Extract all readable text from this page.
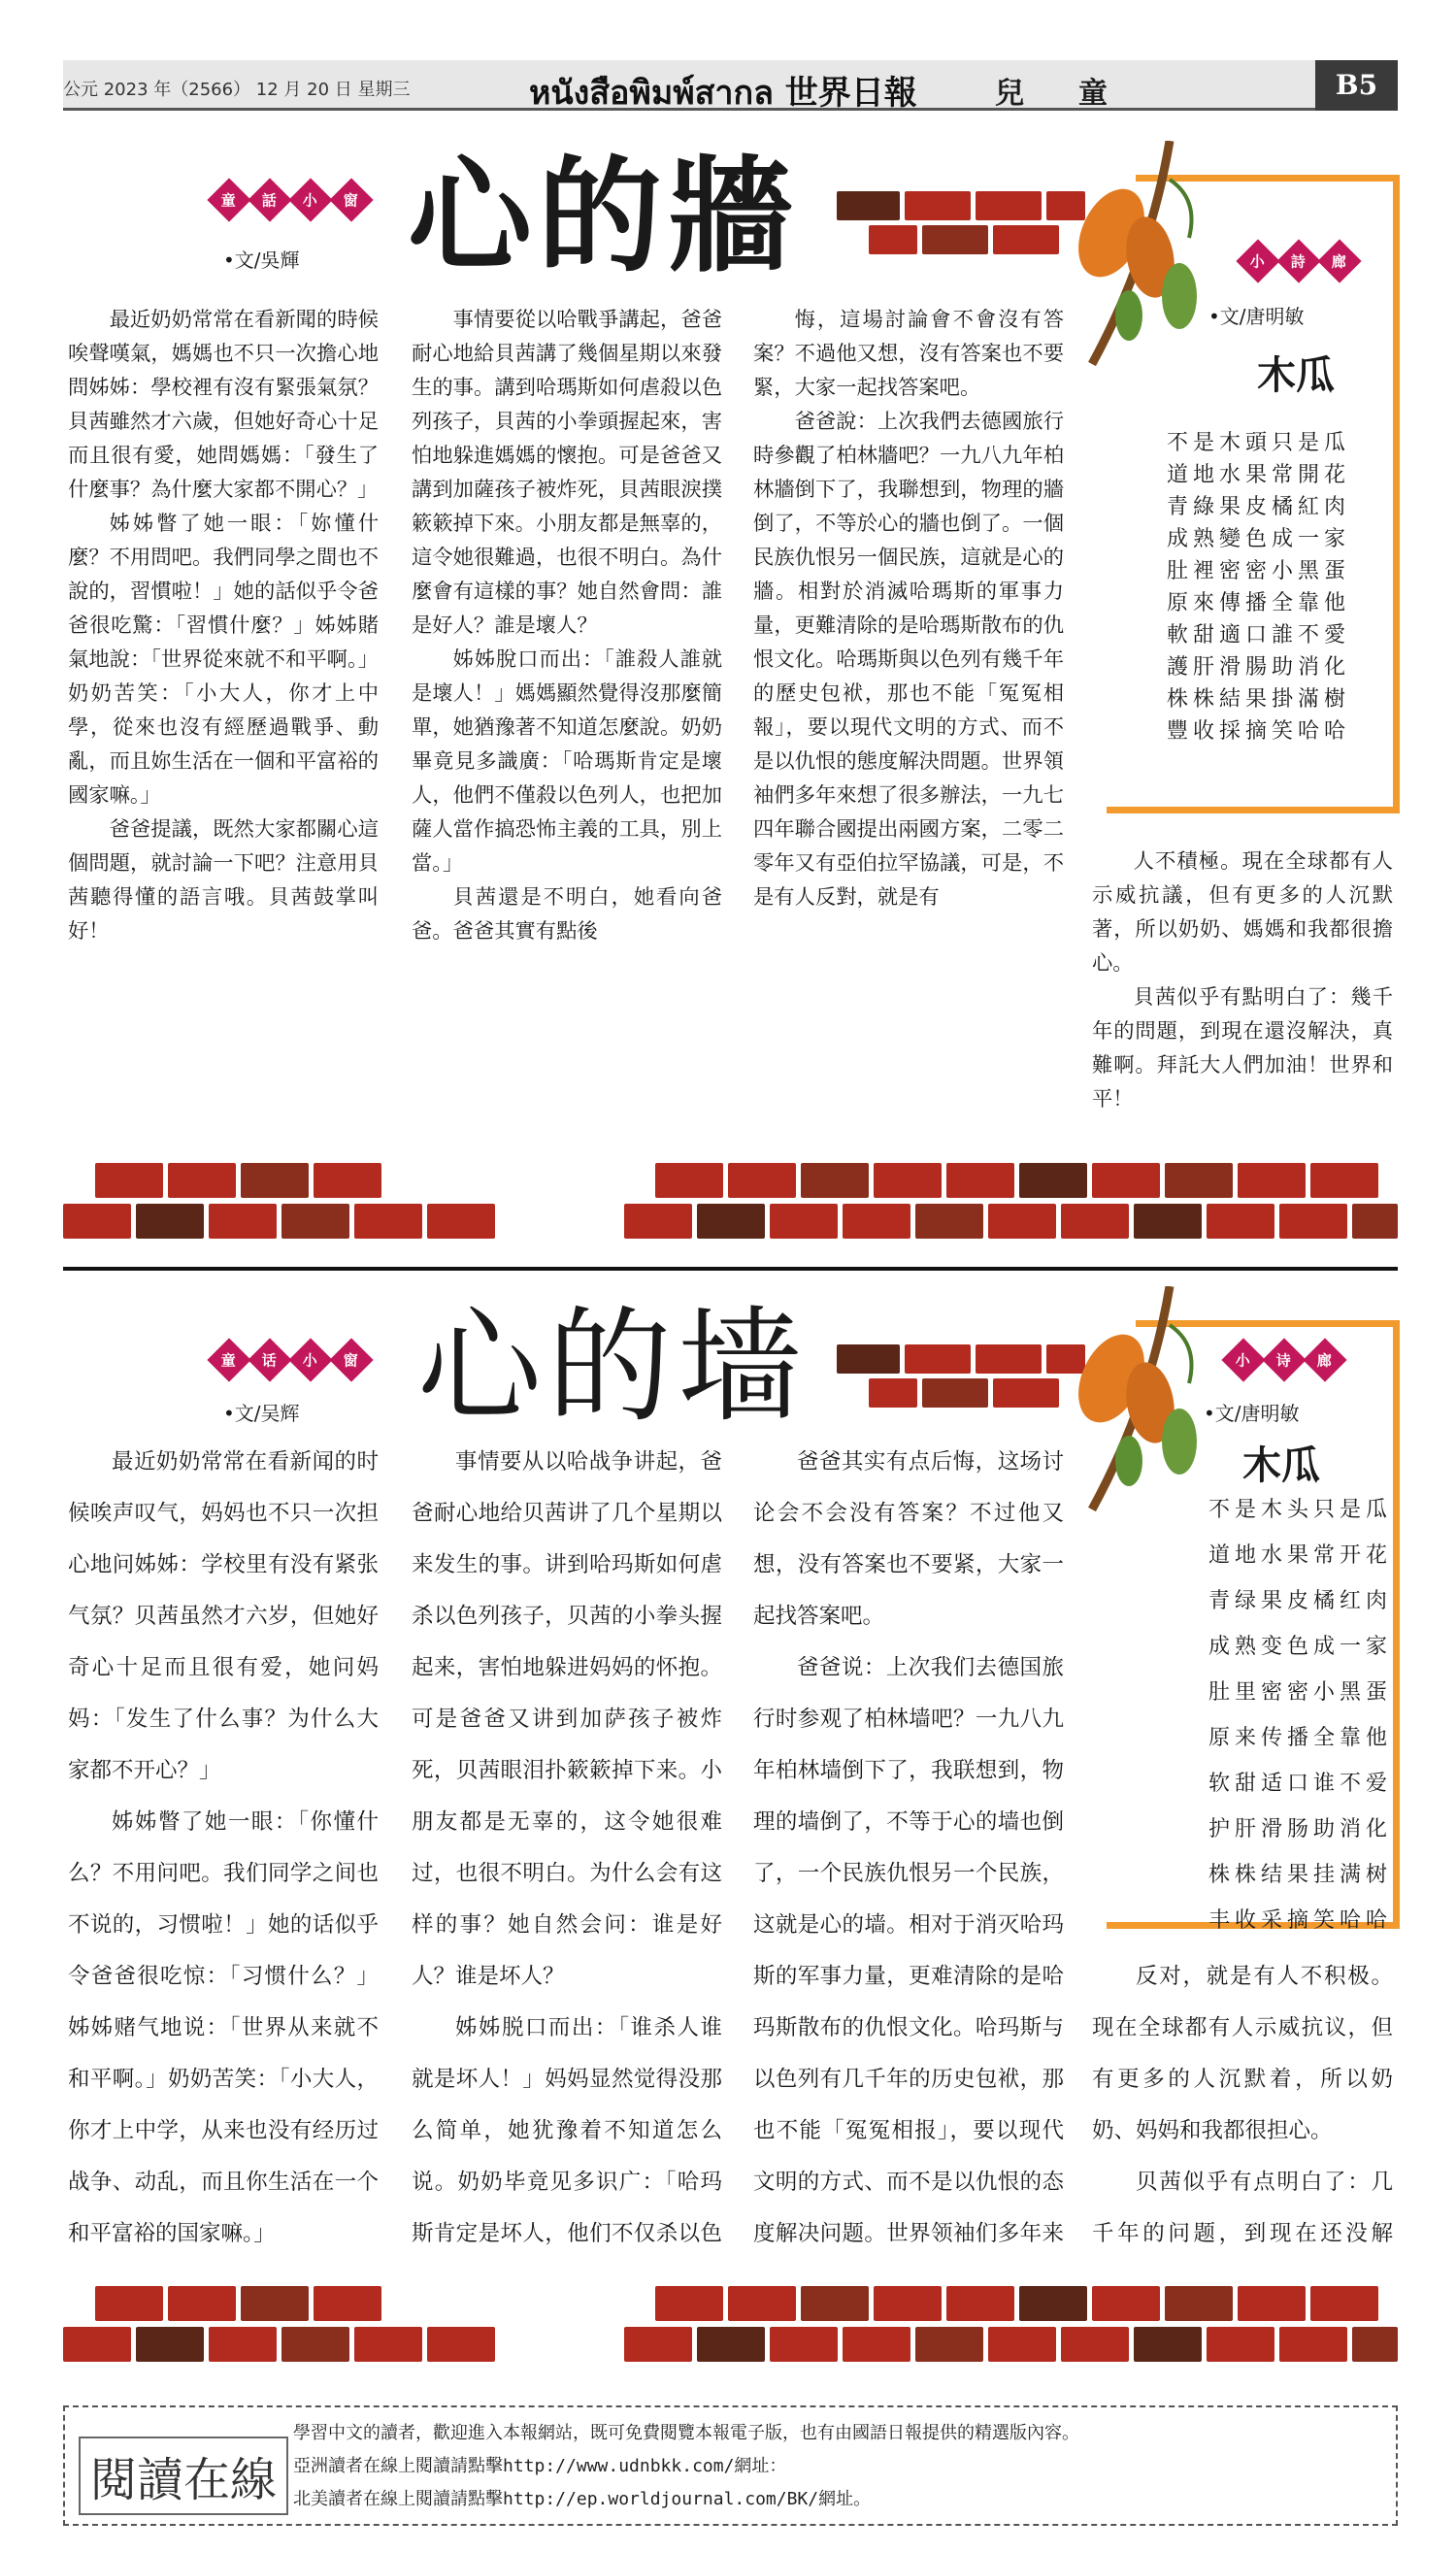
公元 2023 年（2566） 12 月 20 日 星期三	หนังสือพิมพ์สากล 世界日報	兒童	B5
童 話 小 窗
•文/吳輝 心的牆

最近奶奶常常在看新聞的時候唉聲嘆氣，媽媽也不只一次擔心地問姊姊：學校裡有沒有緊張氣氛？貝茜雖然才六歲，但她好奇心十足而且很有愛，她問媽媽：「發生了什麼事？為什麼大家都不開心？」

姊姊瞥了她一眼：「妳懂什麼？不用問吧。我們同學之間也不說的，習慣啦！」她的話似乎令爸爸很吃驚：「習慣什麼？」姊姊賭氣地說：「世界從來就不和平啊。」奶奶苦笑：「小大人，你才上中學，從來也沒有經歷過戰爭、動亂，而且妳生活在一個和平富裕的國家嘛。」

爸爸提議，既然大家都關心這個問題，就討論一下吧？注意用貝茜聽得懂的語言哦。貝茜鼓掌叫好！

事情要從以哈戰爭講起，爸爸耐心地給貝茜講了幾個星期以來發生的事。講到哈瑪斯如何虐殺以色列孩子，貝茜的小拳頭握起來，害怕地躲進媽媽的懷抱。可是爸爸又講到加薩孩子被炸死，貝茜眼淚撲簌簌掉下來。小朋友都是無辜的，這令她很難過，也很不明白。為什麼會有這樣的事？她自然會問：誰是好人？誰是壞人？

姊姊脫口而出：「誰殺人誰就是壞人！」媽媽顯然覺得沒那麼簡單，她猶豫著不知道怎麼說。奶奶畢竟見多識廣：「哈瑪斯肯定是壞人，他們不僅殺以色列人，也把加薩人當作搞恐怖主義的工具，別上當。」

貝茜還是不明白，她看向爸爸。爸爸其實有點後

悔，這場討論會不會沒有答案？不過他又想，沒有答案也不要緊，大家一起找答案吧。

爸爸說：上次我們去德國旅行時參觀了柏林牆吧？一九八九年柏林牆倒下了，我聯想到，物理的牆倒了，不等於心的牆也倒了。一個民族仇恨另一個民族，這就是心的牆。相對於消滅哈瑪斯的軍事力量，更難清除的是哈瑪斯散布的仇恨文化。哈瑪斯與以色列有幾千年的歷史包袱，那也不能「冤冤相報」，要以現代文明的方式、而不是以仇恨的態度解決問題。世界領袖們多年來想了很多辦法，一九七四年聯合國提出兩國方案，二零二零年又有亞伯拉罕協議，可是，不是有人反對，就是有

人不積極。現在全球都有人示威抗議，但有更多的人沉默著，所以奶奶、媽媽和我都很擔心。

貝茜似乎有點明白了：幾千年的問題，到現在還沒解決，真難啊。拜託大人們加油！世界和平！

小 詩 廊
•文/唐明敏
木瓜
不是木頭只是瓜
道地水果常開花
青綠果皮橘紅肉
成熟變色成一家
肚裡密密小黑蛋
原來傳播全靠他
軟甜適口誰不愛
護肝滑腸助消化
株株結果掛滿樹
豐收採摘笑哈哈
童 话 小 窗
•文/吴辉 心的墙

最近奶奶常常在看新闻的时候唉声叹气，妈妈也不只一次担心地问姊姊：学校里有没有紧张气氛？贝茜虽然才六岁，但她好奇心十足而且很有爱，她问妈妈：「发生了什么事？为什么大家都不开心？」

姊姊瞥了她一眼：「你懂什么？不用问吧。我们同学之间也不说的，习惯啦！」她的话似乎令爸爸很吃惊：「习惯什么？」姊姊赌气地说：「世界从来就不和平啊。」奶奶苦笑：「小大人，你才上中学，从来也没有经历过战争、动乱，而且你生活在一个和平富裕的国家嘛。」

事情要从以哈战争讲起，爸爸耐心地给贝茜讲了几个星期以来发生的事。讲到哈玛斯如何虐杀以色列孩子，贝茜的小拳头握起来，害怕地躲进妈妈的怀抱。可是爸爸又讲到加萨孩子被炸死，贝茜眼泪扑簌簌掉下来。小朋友都是无辜的，这令她很难过，也很不明白。为什么会有这样的事？她自然会问：谁是好人？谁是坏人？

姊姊脱口而出：「谁杀人谁就是坏人！」妈妈显然觉得没那么简单，她犹豫着不知道怎么说。奶奶毕竟见多识广：「哈玛斯肯定是坏人，他们不仅杀以色

爸爸其实有点后悔，这场讨论会不会没有答案？不过他又想，没有答案也不要紧，大家一起找答案吧。

爸爸说：上次我们去德国旅行时参观了柏林墙吧？一九八九年柏林墙倒下了，我联想到，物理的墙倒了，不等于心的墙也倒了，一个民族仇恨另一个民族，这就是心的墙。相对于消灭哈玛斯的军事力量，更难清除的是哈玛斯散布的仇恨文化。哈玛斯与以色列有几千年的历史包袱，那也不能「冤冤相报」，要以现代文明的方式、而不是以仇恨的态度解决问题。世界领袖们多年来

反对，就是有人不积极。现在全球都有人示威抗议，但有更多的人沉默着，所以奶奶、妈妈和我都很担心。

贝茜似乎有点明白了：几千年的问题，到现在还没解

小 诗 廊
•文/唐明敏
木瓜
不是木头只是瓜
道地水果常开花
青绿果皮橘红肉
成熟变色成一家
肚里密密小黑蛋
原来传播全靠他
软甜适口谁不爱
护肝滑肠助消化
株株结果挂满树
丰收采摘笑哈哈
閱讀在線
學習中文的讀者，歡迎進入本報網站，既可免費閱覽本報電子版，也有由國語日報提供的精選版內容。
亞洲讀者在線上閱讀請點擊http://www.udnbkk.com/網址：
北美讀者在線上閱讀請點擊http://ep.worldjournal.com/BK/網址。
